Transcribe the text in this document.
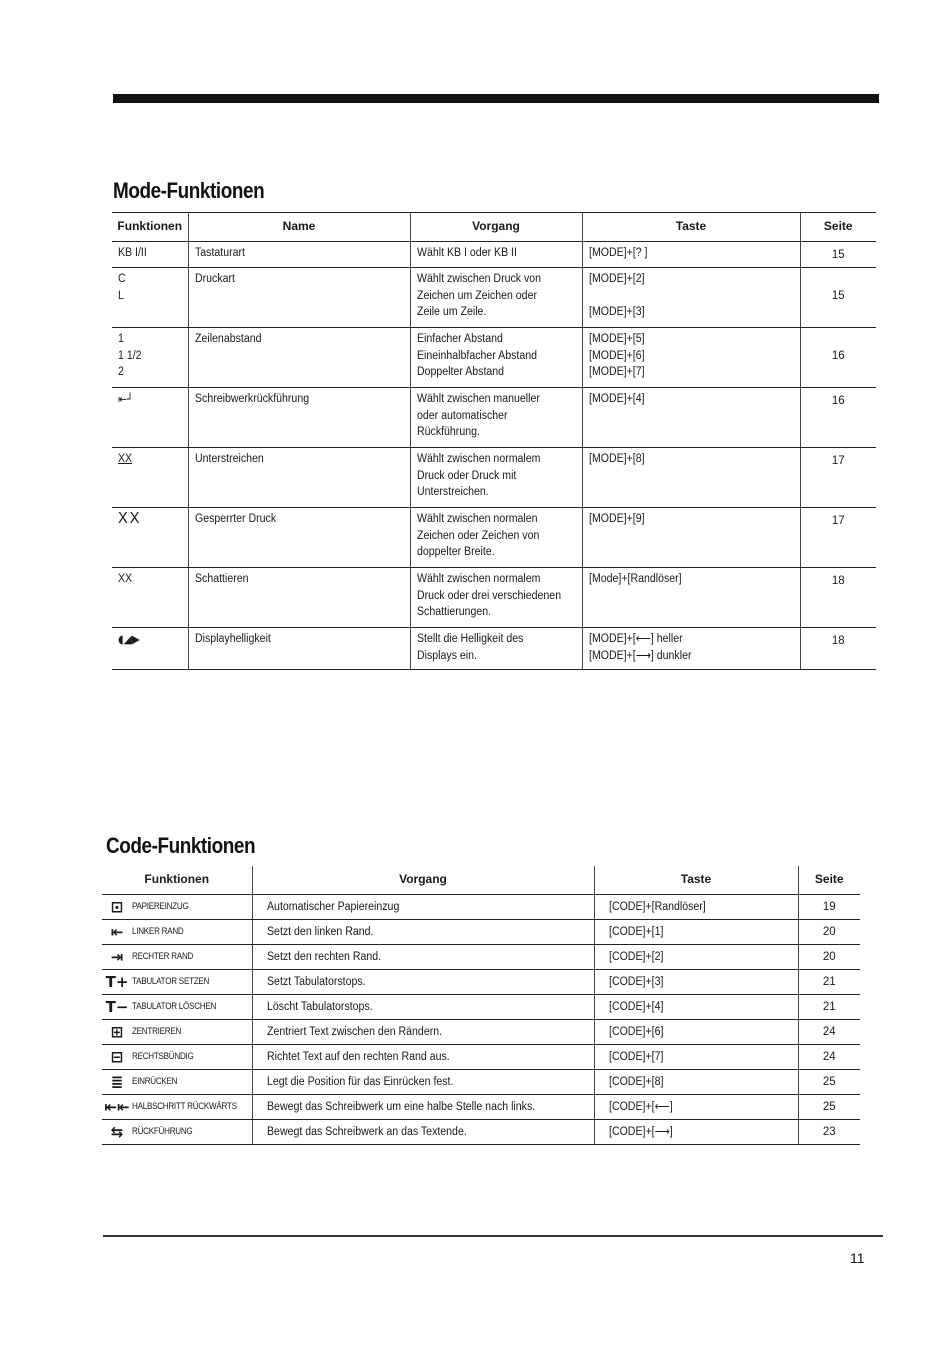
Mode-Funktionen
Funktionen	Name	Vorgang	Taste	Seite

KB I/II	Tastaturart	Wählt KB I oder KB II	[MODE]+[? ]	15

C
L	Druckart	Wählt zwischen Druck von
Zeichen um Zeichen oder
Zeile um Zeile.	[MODE]+[2]

[MODE]+[3]	15

1
1 1/2
2	Zeilenabstand	Einfacher Abstand
Eineinhalbfacher Abstand
Doppelter Abstand	[MODE]+[5]
[MODE]+[6]
[MODE]+[7]	16

⇤┘	Schreibwerkrückführung	Wählt zwischen manueller
oder automatischer
Rückführung.	[MODE]+[4]	16

XX	Unterstreichen	Wählt zwischen normalem
Druck oder Druck mit
Unterstreichen.	[MODE]+[8]	17

XX	Gesperrter Druck	Wählt zwischen normalen
Zeichen oder Zeichen von
doppelter Breite.	[MODE]+[9]	17

XX	Schattieren	Wählt zwischen normalem
Druck oder drei verschiedenen
Schattierungen.	[Mode]+[Randlöser]	18

◖◢▶	Displayhelligkeit	Stellt die Helligkeit des
Displays ein.	[MODE]+[⟵] heller
[MODE]+[⟶] dunkler	18
Code-Funktionen
Funktionen	Vorgang	Taste	Seite
⊡ PAPIEREINZUG	Automatischer Papiereinzug	[CODE]+[Randlöser]	19
⇤ LINKER RAND	Setzt den linken Rand.	[CODE]+[1]	20
⇥ RECHTER RAND	Setzt den rechten Rand.	[CODE]+[2]	20
T+ TABULATOR SETZEN	Setzt Tabulatorstops.	[CODE]+[3]	21
T− TABULATOR LÖSCHEN	Löscht Tabulatorstops.	[CODE]+[4]	21
⊞ ZENTRIEREN	Zentriert Text zwischen den Rändern.	[CODE]+[6]	24
⊟ RECHTSBÜNDIG	Richtet Text auf den rechten Rand aus.	[CODE]+[7]	24
≣ EINRÜCKEN	Legt die Position für das Einrücken fest.	[CODE]+[8]	25
⇤⇤ HALBSCHRITT RÜCKWÄRTS	Bewegt das Schreibwerk um eine halbe Stelle nach links.	[CODE]+[⟵]	25
⇆ RÜCKFÜHRUNG	Bewegt das Schreibwerk an das Textende.	[CODE]+[⟶]	23
11
